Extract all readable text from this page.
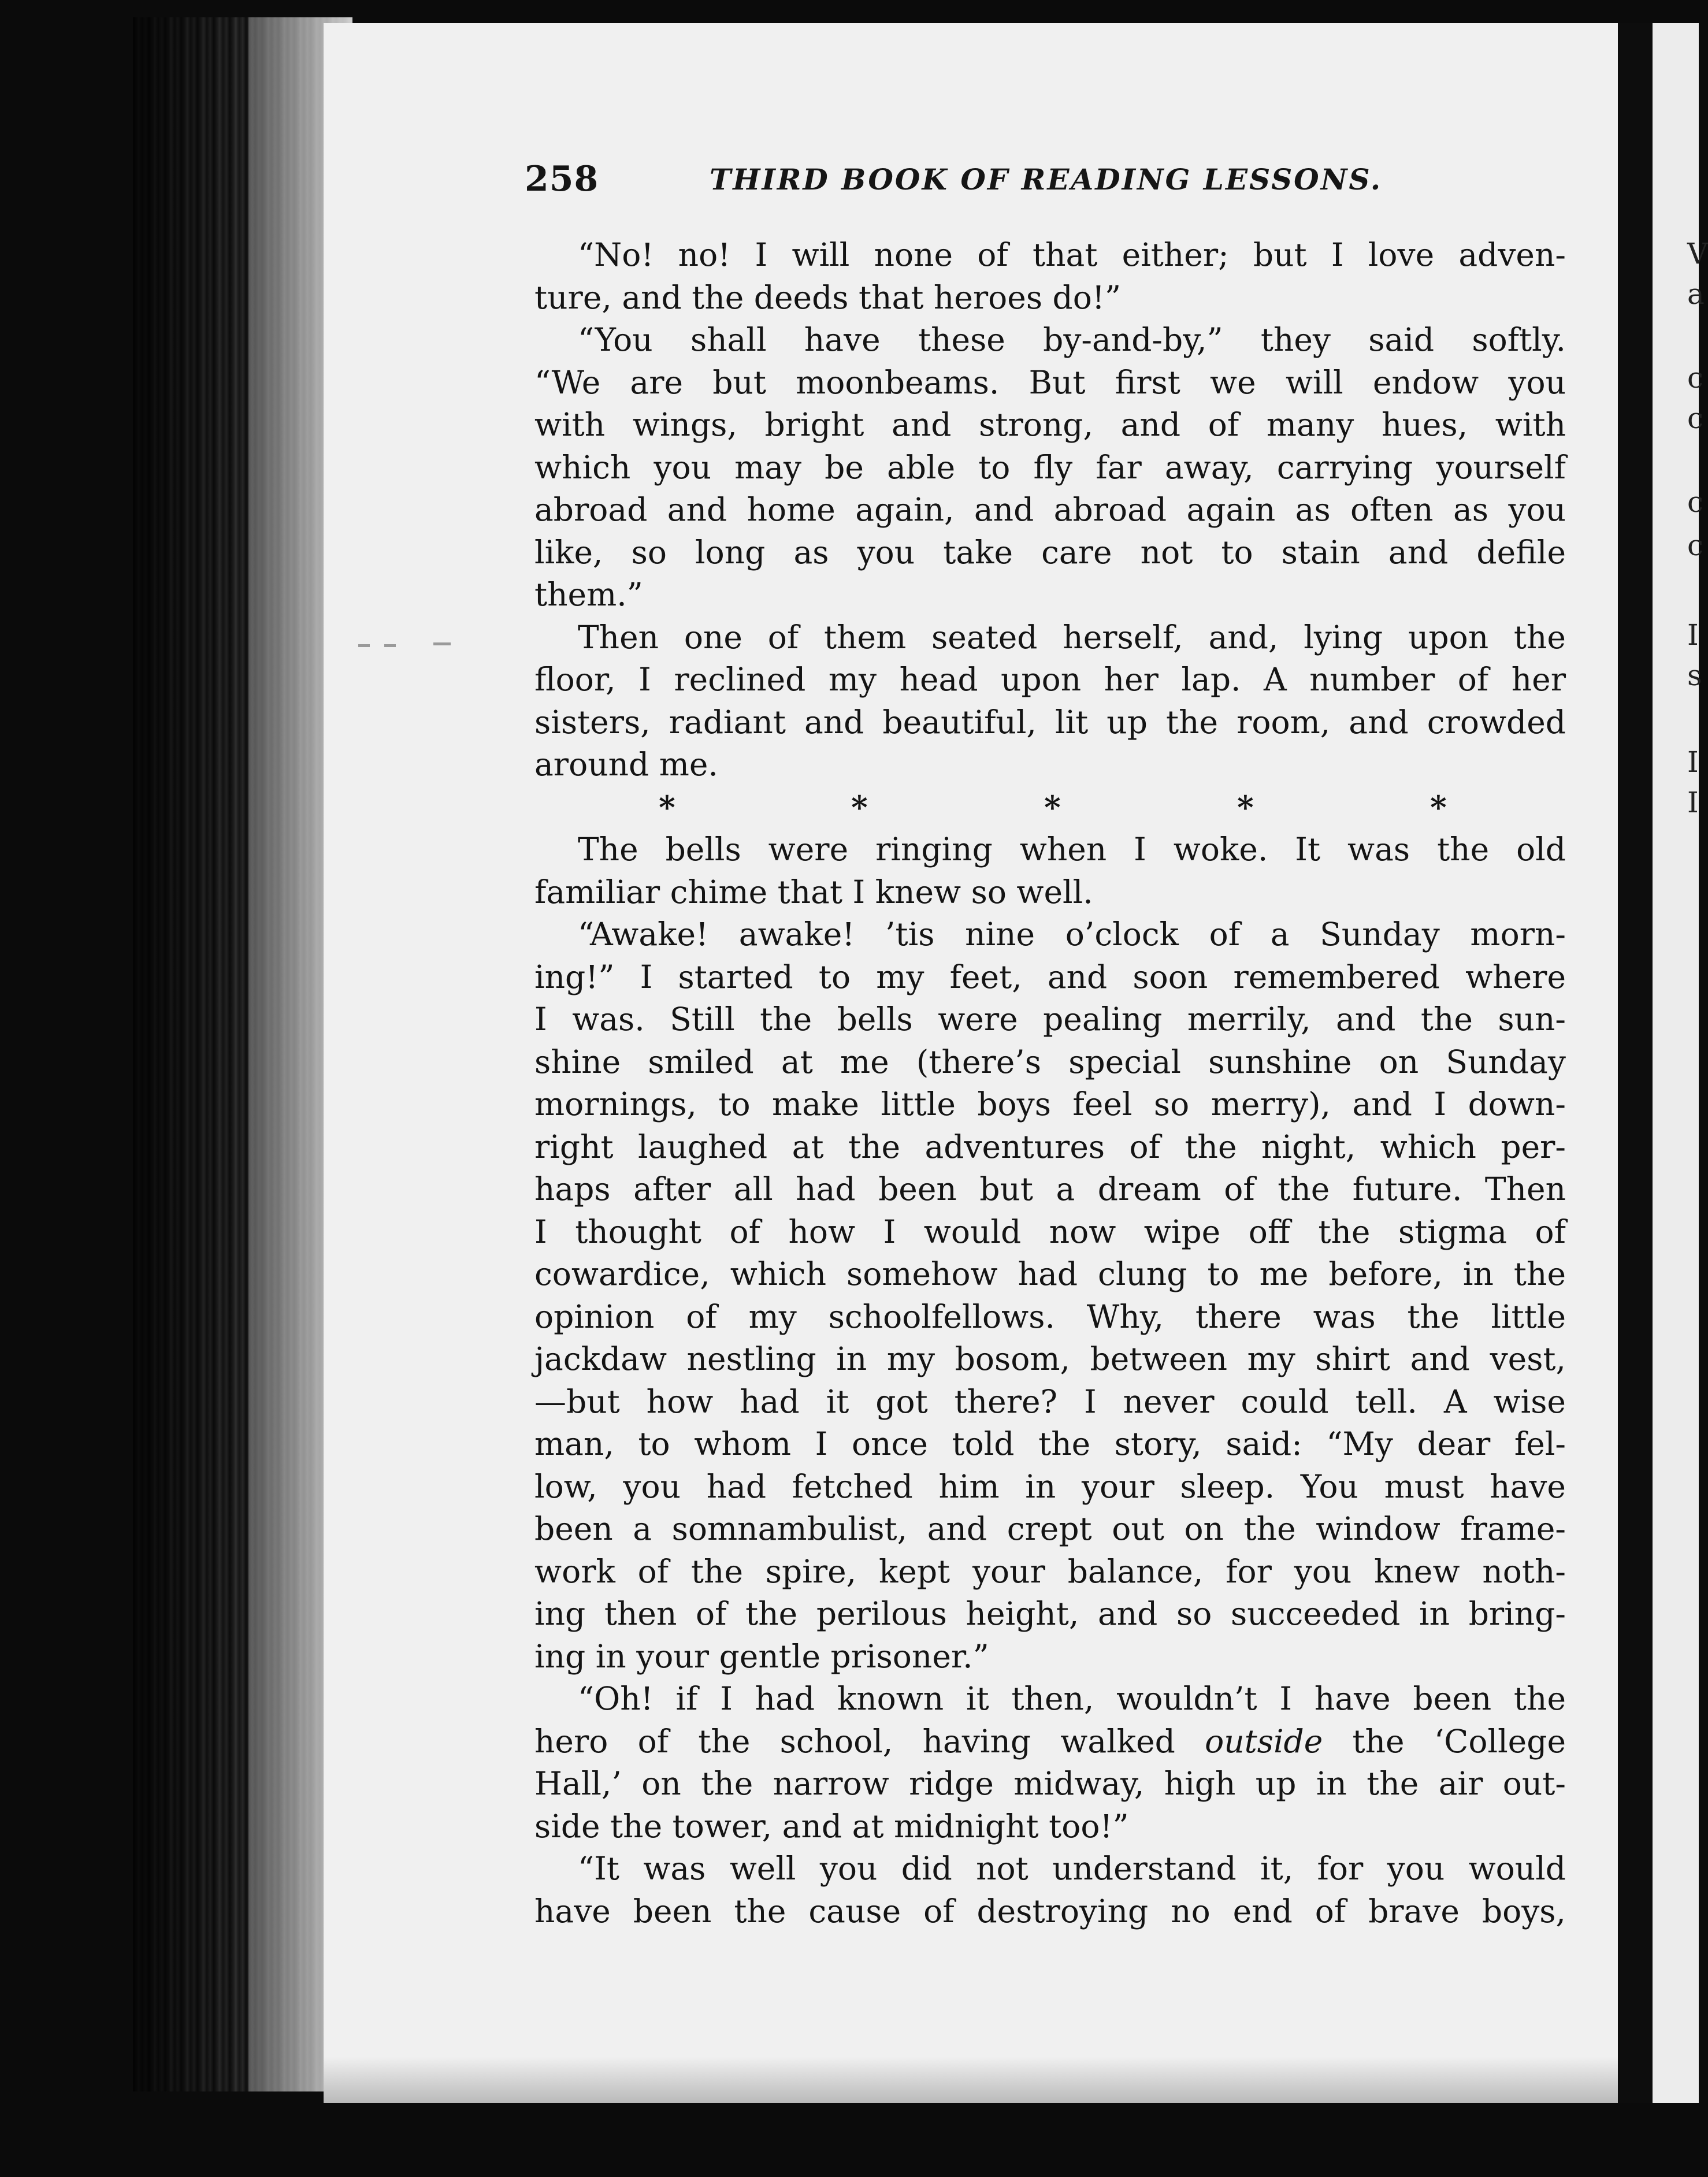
258	THIRD BOOK OF READING LESSONS.
“No! no! I will none of that either; but I love adven-
ture, and the deeds that heroes do!”
“You shall have these by-and-by,” they said softly.
“We are but moonbeams. But first we will endow you
with wings, bright and strong, and of many hues, with
which you may be able to fly far away, carrying yourself
abroad and home again, and abroad again as often as you
like, so long as you take care not to stain and defile
them.”
Then one of them seated herself, and, lying upon the
floor, I reclined my head upon her lap. A number of her
sisters, radiant and beautiful, lit up the room, and crowded
around me.
*	*	*	*	*
The bells were ringing when I woke. It was the old
familiar chime that I knew so well.
“Awake! awake! ’tis nine o’clock of a Sunday morn-
ing!” I started to my feet, and soon remembered where
I was. Still the bells were pealing merrily, and the sun-
shine smiled at me (there’s special sunshine on Sunday
mornings, to make little boys feel so merry), and I down-
right laughed at the adventures of the night, which per-
haps after all had been but a dream of the future. Then
I thought of how I would now wipe off the stigma of
cowardice, which somehow had clung to me before, in the
opinion of my schoolfellows. Why, there was the little
jackdaw nestling in my bosom, between my shirt and vest,
—but how had it got there? I never could tell. A wise
man, to whom I once told the story, said: “My dear fel-
low, you had fetched him in your sleep. You must have
been a somnambulist, and crept out on the window frame-
work of the spire, kept your balance, for you knew noth-
ing then of the perilous height, and so succeeded in bring-
ing in your gentle prisoner.”
“Oh! if I had known it then, wouldn’t I have been the
hero of the school, having walked outside the ‘College
Hall,’ on the narrow ridge midway, high up in the air out-
side the tower, and at midnight too!”
“It was well you did not understand it, for you would
have been the cause of destroying no end of brave boys,
V
a
c
c
c
c
I
s
I
I
